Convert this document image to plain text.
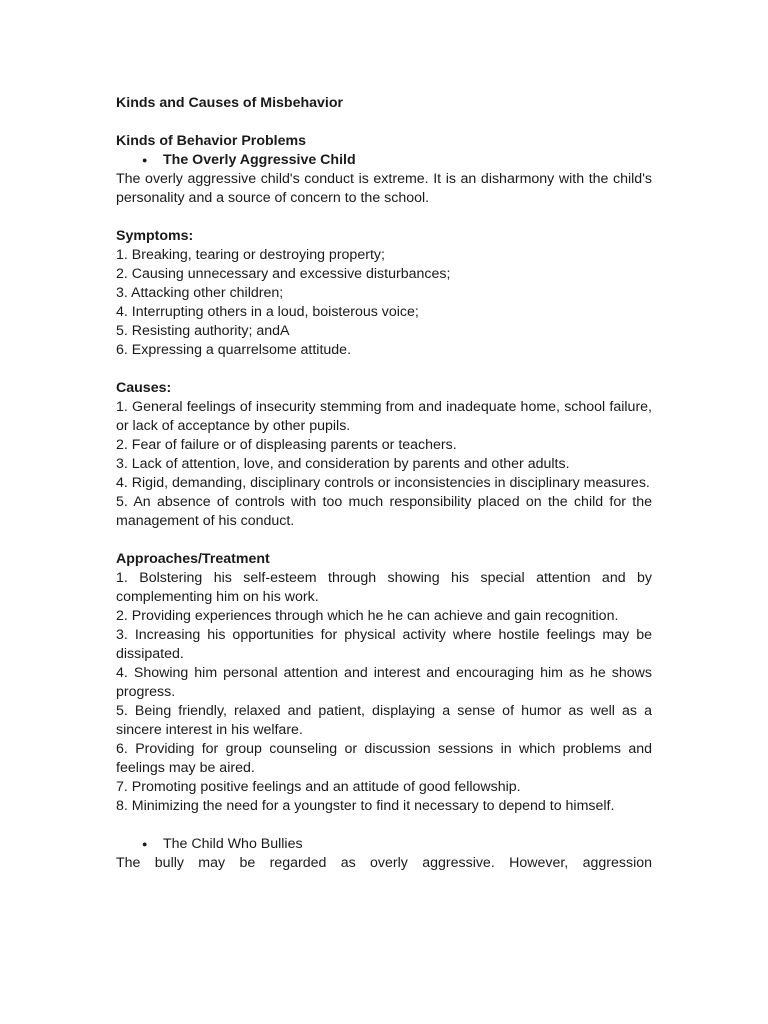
Kinds and Causes of Misbehavior

Kinds of Behavior Problems

● The Overly Aggressive Child

The overly aggressive child's conduct is extreme. It is an disharmony with the child's personality and a source of concern to the school.

Symptoms:

1. Breaking, tearing or destroying property;

2. Causing unnecessary and excessive disturbances;

3. Attacking other children;

4. Interrupting others in a loud, boisterous voice;

5. Resisting authority; andA

6. Expressing a quarrelsome attitude.

Causes:

1. General feelings of insecurity stemming from and inadequate home, school failure, or lack of acceptance by other pupils.

2. Fear of failure or of displeasing parents or teachers.

3. Lack of attention, love, and consideration by parents and other adults.

4. Rigid, demanding, disciplinary controls or inconsistencies in disciplinary measures.

5. An absence of controls with too much responsibility placed on the child for the management of his conduct.

Approaches/Treatment

1. Bolstering his self-esteem through showing his special attention and by complementing him on his work.

2. Providing experiences through which he he can achieve and gain recognition.

3. Increasing his opportunities for physical activity where hostile feelings may be dissipated.

4. Showing him personal attention and interest and encouraging him as he shows progress.

5. Being friendly, relaxed and patient, displaying a sense of humor as well as a sincere interest in his welfare.

6. Providing for group counseling or discussion sessions in which problems and feelings may be aired.

7. Promoting positive feelings and an attitude of good fellowship.

8. Minimizing the need for a youngster to find it necessary to depend to himself.

● The Child Who Bullies

The bully may be regarded as overly aggressive. However, aggression
